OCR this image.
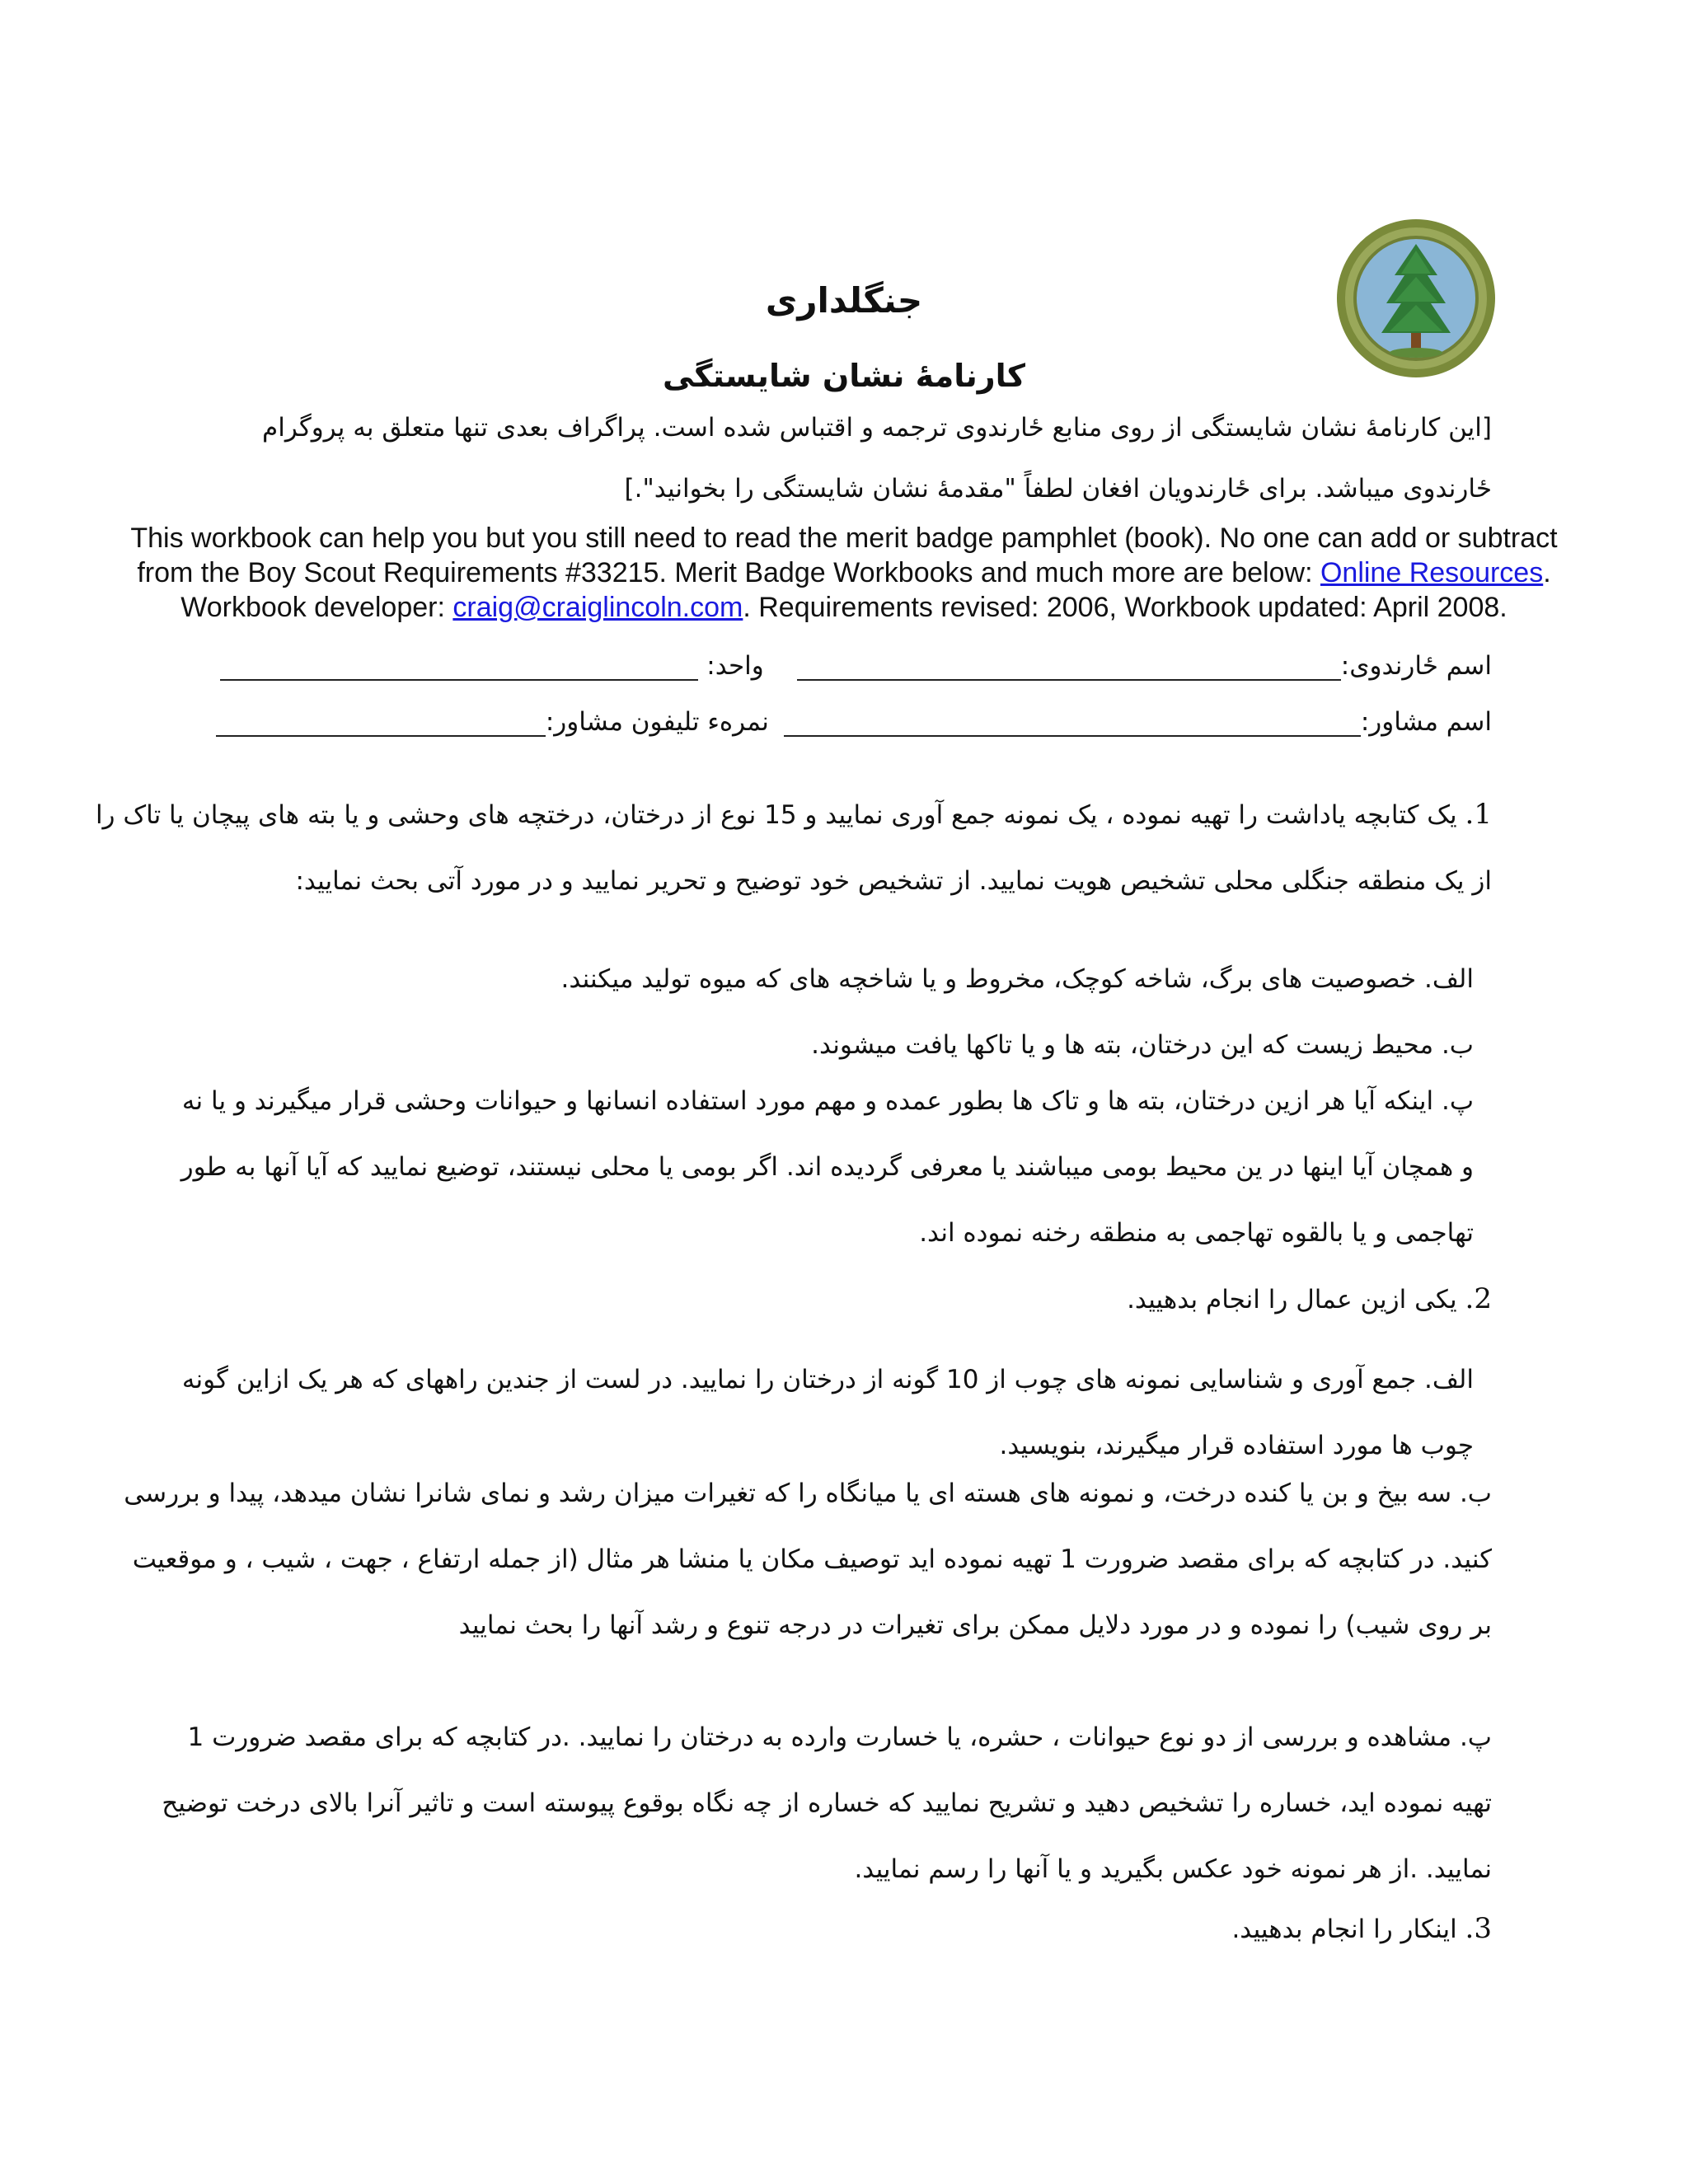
جنگلداری
کارنامۀ نشان شایستگی
[این کارنامۀ نشان شایستگی از روی منابع ځارندوی ترجمه و اقتباس شده است. پراگراف بعدی تنها متعلق به پروگرام ځارندوی میباشد. برای ځارندویان افغان لطفاً "مقدمۀ نشان شایستگی را بخوانید".]
This workbook can help you but you still need to read the merit badge pamphlet (book). No one can add or subtract
from the Boy Scout Requirements #33215. Merit Badge Workbooks and much more are below: Online Resources.
Workbook developer: craig@craiglincoln.com. Requirements revised: 2006, Workbook updated: April 2008.
اسم ځارندوی:
واحد:
اسم مشاور:
نمرهء تلیفون مشاور:
1. یک کتابچه یاداشت را تهیه نموده ، یک نمونه جمع آوری نمایید و 15 نوع از درختان، درختچه های وحشی و یا بته های پیچان یا تاک را از یک منطقه جنگلی محلی تشخیص هویت نمایید. از تشخیص خود توضیح و تحریر نمایید و در مورد آتی بحث نمایید:
الف. خصوصیت های برگ، شاخه کوچک، مخروط و یا شاخچه های که میوه تولید میکنند.
ب. محیط زیست که این درختان، بته ها و یا تاکها یافت میشوند.
پ. اینکه آیا هر ازین درختان، بته ها و تاک ها بطور عمده و مهم مورد استفاده انسانها و حیوانات وحشی قرار میگیرند و یا نه و همچان آیا اینها در ین محیط بومی میباشند یا معرفی گردیده اند. اگر بومی یا محلی نیستند، توضیع نمایید که آیا آنها به طور تهاجمی و یا بالقوه تهاجمی به منطقه رخنه نموده اند.
2. یکی ازین عمال را انجام بدهیید.
الف. جمع آوری و شناسایی نمونه های چوب از 10 گونه از درختان را نمایید. در لست از جندین راههای که هر یک ازاین گونه چوب ها مورد استفاده قرار میگیرند، بنویسید.
ب. سه بیخ و بن یا کنده درخت، و نمونه های هسته ای یا میانگاه را که تغیرات میزان رشد و نمای شانرا نشان میدهد، پیدا و بررسی کنید. در کتابچه که برای مقصد ضرورت 1 تهیه نموده اید توصیف مکان یا منشا هر مثال (از جمله ارتفاع ، جهت ، شیب ، و موقعیت بر روی شیب) را نموده و در مورد دلایل ممکن برای تغیرات در درجه تنوع و رشد آنها را بحث نمایید
پ. مشاهده و بررسی از دو نوع حیوانات ، حشره، یا خسارت وارده به درختان را نمایید. .در کتابچه که برای مقصد ضرورت 1 تهیه نموده اید، خساره را تشخیص دهید و تشریح نمایید که خساره از چه نگاه بوقوع پیوسته است و تاثیر آنرا بالای درخت توضیح نمایید. .از هر نمونه خود عکس بگیرید و یا آنها را رسم نمایید.
3. اینکار را انجام بدهیید.
